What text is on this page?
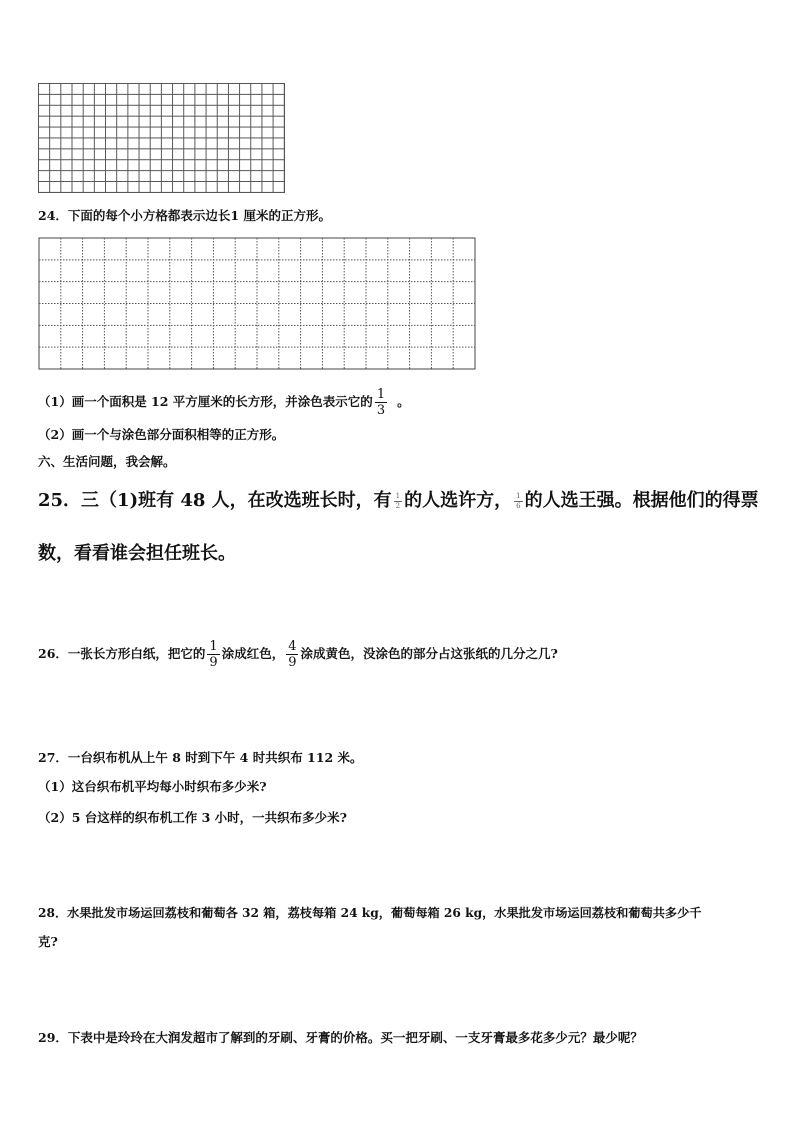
24．下面的每个小方格都表示边长1 厘米的正方形。
（1）画一个面积是 12 平方厘米的长方形，并涂色表示它的 $\frac{1}{3}$ 。
（2）画一个与涂色部分面积相等的正方形。
六、生活问题，我会解。
25．三（1)班有 48 人，在改选班长时，有 $\frac{1}{2}$ 的人选许方， $\frac{1}{6}$ 的人选王强。根据他们的得票
数，看看谁会担任班长。
26．一张长方形白纸，把它的 $\frac{1}{9}$ 涂成红色， $\frac{4}{9}$ 涂成黄色，没涂色的部分占这张纸的几分之几?
27．一台织布机从上午 8 时到下午 4 时共织布 112 米。
（1）这台织布机平均每小时织布多少米?
（2）5 台这样的织布机工作 3 小时，一共织布多少米?
28．水果批发市场运回荔枝和葡萄各 32 箱，荔枝每箱 24 kg，葡萄每箱 26 kg，水果批发市场运回荔枝和葡萄共多少千
克?
29．下表中是玲玲在大润发超市了解到的牙刷、牙膏的价格。买一把牙刷、一支牙膏最多花多少元？最少呢？
